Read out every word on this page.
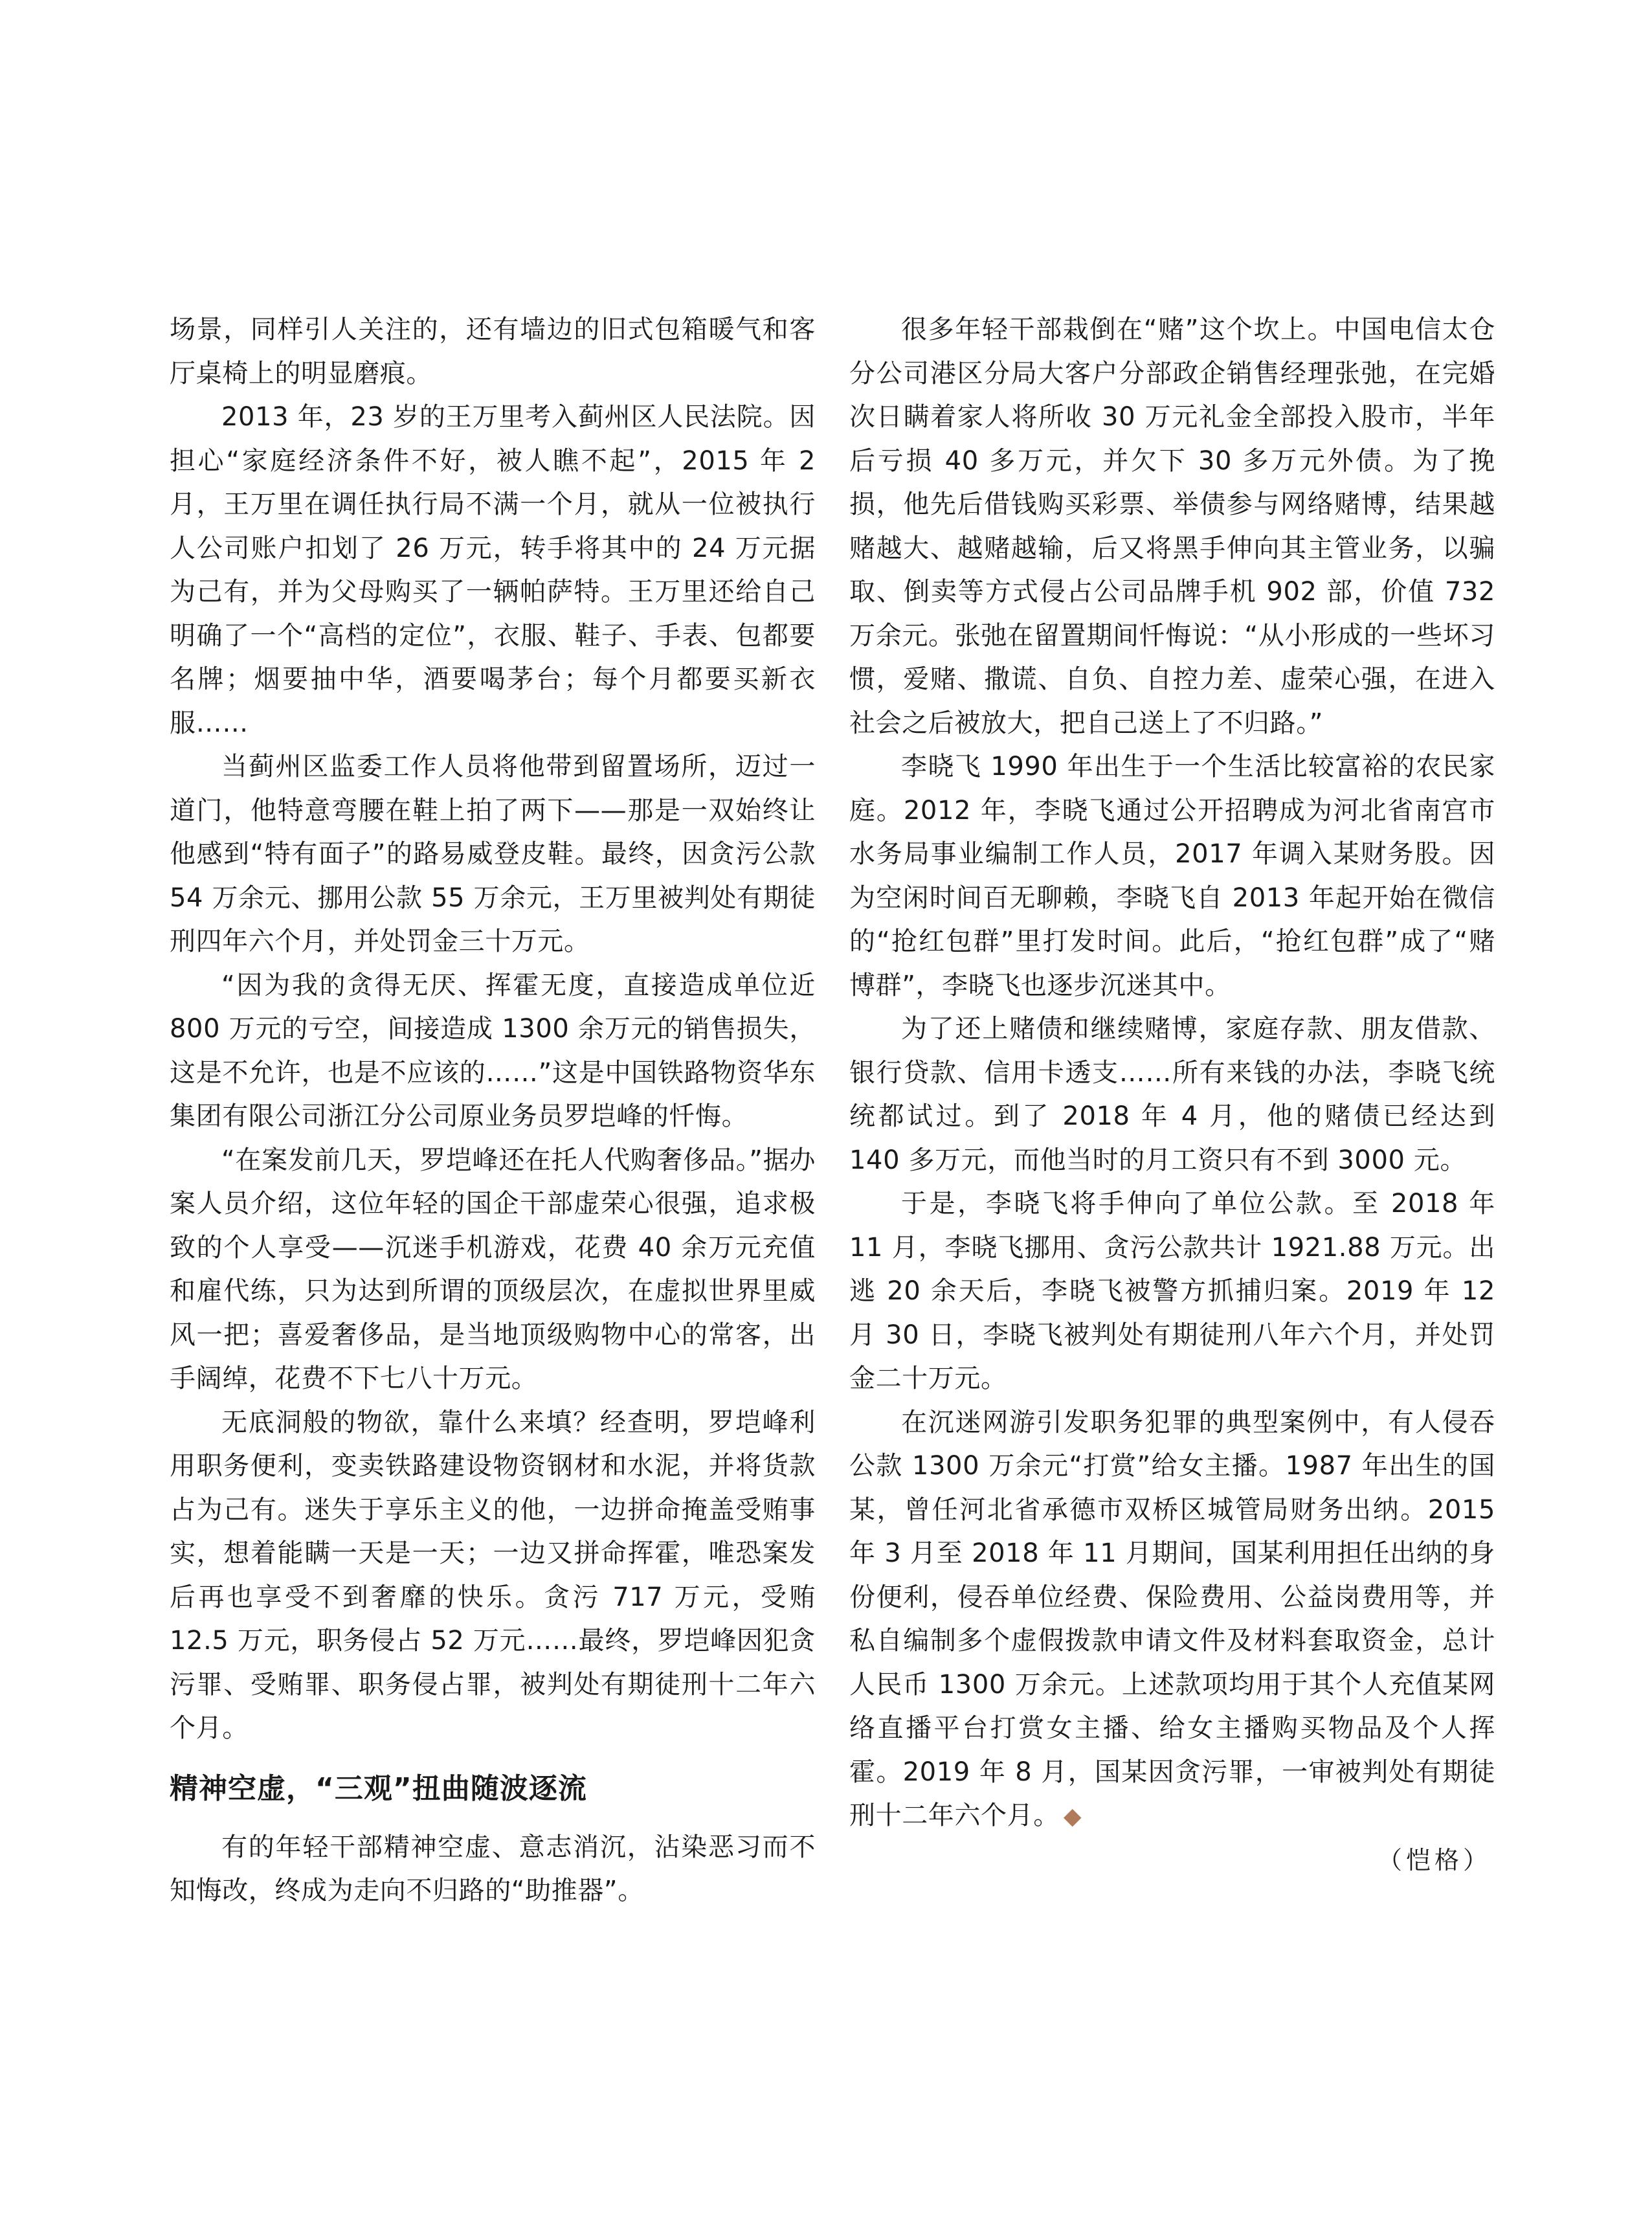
场景，同样引人关注的，还有墙边的旧式包箱暖气和客厅桌椅上的明显磨痕。

2013 年，23 岁的王万里考入蓟州区人民法院。因担心“家庭经济条件不好，被人瞧不起”，2015 年 2 月，王万里在调任执行局不满一个月，就从一位被执行人公司账户扣划了 26 万元，转手将其中的 24 万元据为己有，并为父母购买了一辆帕萨特。王万里还给自己明确了一个“高档的定位”，衣服、鞋子、手表、包都要名牌；烟要抽中华，酒要喝茅台；每个月都要买新衣服……

当蓟州区监委工作人员将他带到留置场所，迈过一道门，他特意弯腰在鞋上拍了两下——那是一双始终让他感到“特有面子”的路易威登皮鞋。最终，因贪污公款 54 万余元、挪用公款 55 万余元，王万里被判处有期徒刑四年六个月，并处罚金三十万元。

“因为我的贪得无厌、挥霍无度，直接造成单位近 800 万元的亏空，间接造成 1300 余万元的销售损失，这是不允许，也是不应该的……”这是中国铁路物资华东集团有限公司浙江分公司原业务员罗垲峰的忏悔。

“在案发前几天，罗垲峰还在托人代购奢侈品。”据办案人员介绍，这位年轻的国企干部虚荣心很强，追求极致的个人享受——沉迷手机游戏，花费 40 余万元充值和雇代练，只为达到所谓的顶级层次，在虚拟世界里威风一把；喜爱奢侈品，是当地顶级购物中心的常客，出手阔绰，花费不下七八十万元。

无底洞般的物欲，靠什么来填？经查明，罗垲峰利用职务便利，变卖铁路建设物资钢材和水泥，并将货款占为己有。迷失于享乐主义的他，一边拼命掩盖受贿事实，想着能瞒一天是一天；一边又拼命挥霍，唯恐案发后再也享受不到奢靡的快乐。贪污 717 万元，受贿 12.5 万元，职务侵占 52 万元……最终，罗垲峰因犯贪污罪、受贿罪、职务侵占罪，被判处有期徒刑十二年六个月。

精神空虚，“三观”扭曲随波逐流

有的年轻干部精神空虚、意志消沉，沾染恶习而不知悔改，终成为走向不归路的“助推器”。

很多年轻干部栽倒在“赌”这个坎上。中国电信太仓分公司港区分局大客户分部政企销售经理张弛，在完婚次日瞒着家人将所收 30 万元礼金全部投入股市，半年后亏损 40 多万元，并欠下 30 多万元外债。为了挽损，他先后借钱购买彩票、举债参与网络赌博，结果越赌越大、越赌越输，后又将黑手伸向其主管业务，以骗取、倒卖等方式侵占公司品牌手机 902 部，价值 732 万余元。张弛在留置期间忏悔说：“从小形成的一些坏习惯，爱赌、撒谎、自负、自控力差、虚荣心强，在进入社会之后被放大，把自己送上了不归路。”

李晓飞 1990 年出生于一个生活比较富裕的农民家庭。2012 年，李晓飞通过公开招聘成为河北省南宫市水务局事业编制工作人员，2017 年调入某财务股。因为空闲时间百无聊赖，李晓飞自 2013 年起开始在微信的“抢红包群”里打发时间。此后，“抢红包群”成了“赌博群”，李晓飞也逐步沉迷其中。

为了还上赌债和继续赌博，家庭存款、朋友借款、银行贷款、信用卡透支……所有来钱的办法，李晓飞统统都试过。到了 2018 年 4 月，他的赌债已经达到 140 多万元，而他当时的月工资只有不到 3000 元。

于是，李晓飞将手伸向了单位公款。至 2018 年 11 月，李晓飞挪用、贪污公款共计 1921.88 万元。出逃 20 余天后，李晓飞被警方抓捕归案。2019 年 12 月 30 日，李晓飞被判处有期徒刑八年六个月，并处罚金二十万元。

在沉迷网游引发职务犯罪的典型案例中，有人侵吞公款 1300 万余元“打赏”给女主播。1987 年出生的国某，曾任河北省承德市双桥区城管局财务出纳。2015 年 3 月至 2018 年 11 月期间，国某利用担任出纳的身份便利，侵吞单位经费、保险费用、公益岗费用等，并私自编制多个虚假拨款申请文件及材料套取资金，总计人民币 1300 万余元。上述款项均用于其个人充值某网络直播平台打赏女主播、给女主播购买物品及个人挥霍。2019 年 8 月，国某因贪污罪，一审被判处有期徒刑十二年六个月。 ◆

（恺格）
